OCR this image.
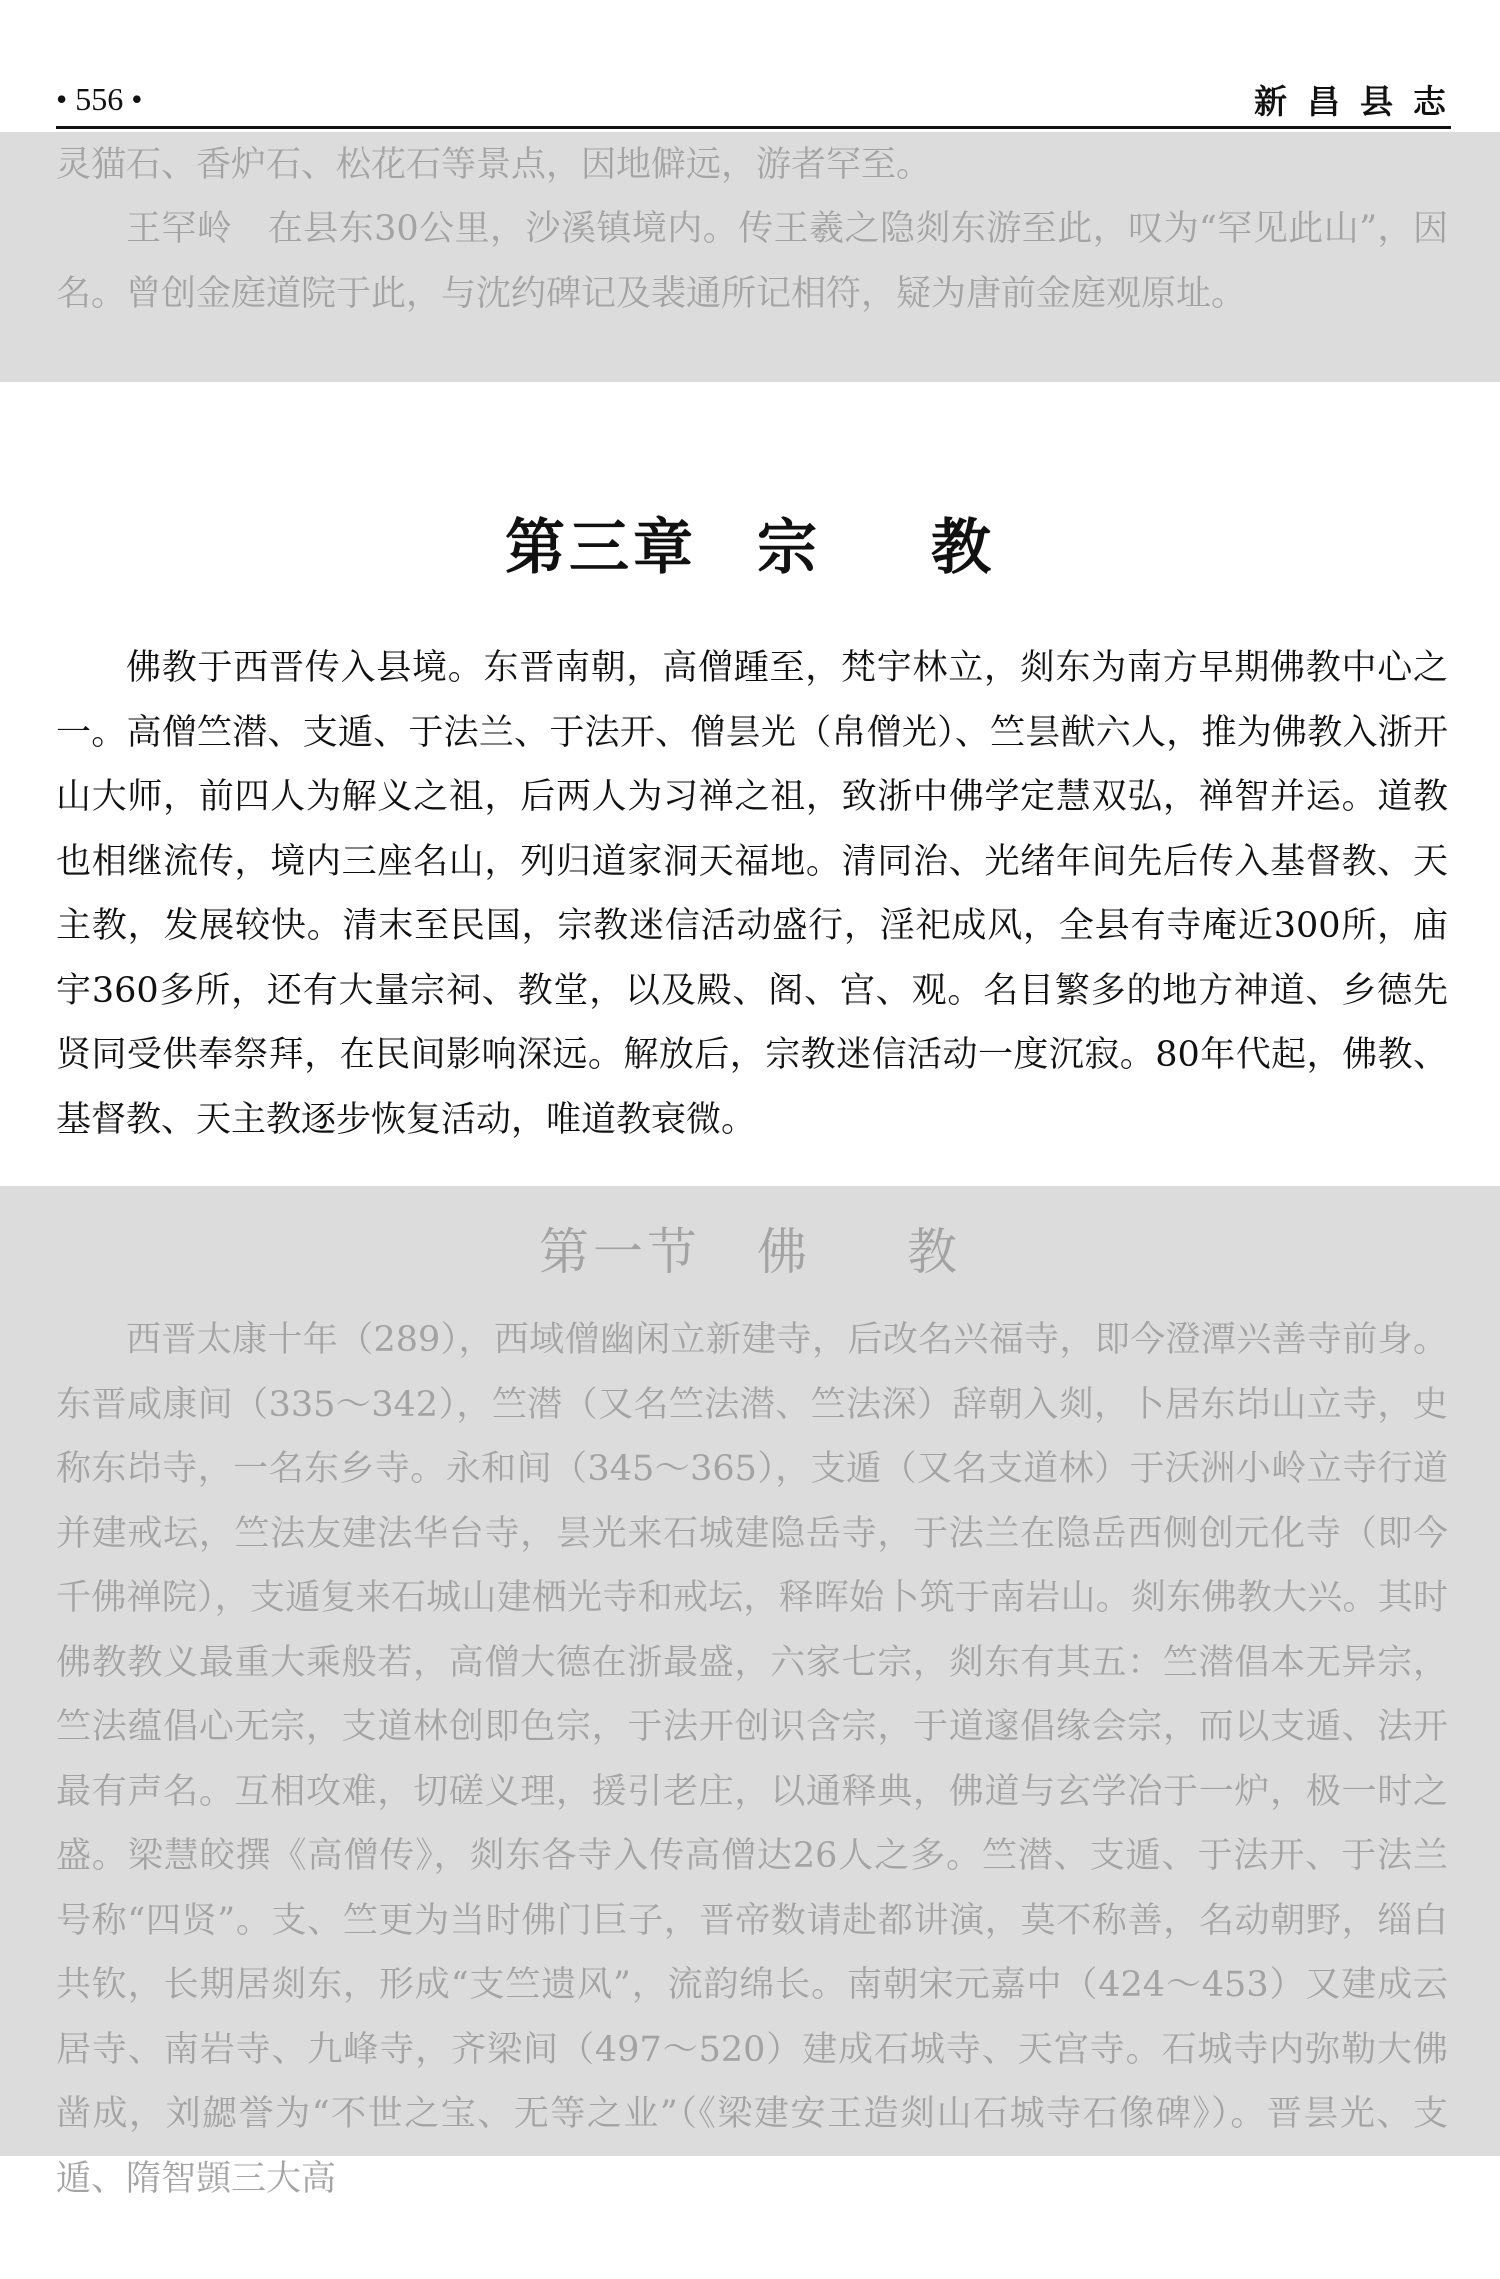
• 556 •	新昌县志

灵猫石、香炉石、松花石等景点，因地僻远，游者罕至。

王罕岭　在县东30公里，沙溪镇境内。传王羲之隐剡东游至此，叹为“罕见此山”，因名。曾创金庭道院于此，与沈约碑记及裴通所记相符，疑为唐前金庭观原址。

第三章 宗 教

佛教于西晋传入县境。东晋南朝，高僧踵至，梵宇林立，剡东为南方早期佛教中心之一。高僧竺潜、支遁、于法兰、于法开、僧昙光（帛僧光）、竺昙猷六人，推为佛教入浙开山大师，前四人为解义之祖，后两人为习禅之祖，致浙中佛学定慧双弘，禅智并运。道教也相继流传，境内三座名山，列归道家洞天福地。清同治、光绪年间先后传入基督教、天主教，发展较快。清末至民国，宗教迷信活动盛行，淫祀成风，全县有寺庵近300所，庙宇360多所，还有大量宗祠、教堂，以及殿、阁、宫、观。名目繁多的地方神道、乡德先贤同受供奉祭拜，在民间影响深远。解放后，宗教迷信活动一度沉寂。80年代起，佛教、基督教、天主教逐步恢复活动，唯道教衰微。

第一节 佛 教

西晋太康十年（289），西域僧幽闲立新建寺，后改名兴福寺，即今澄潭兴善寺前身。东晋咸康间（335～342），竺潜（又名竺法潜、竺法深）辞朝入剡，卜居东岇山立寺，史称东岇寺，一名东乡寺。永和间（345～365），支遁（又名支道林）于沃洲小岭立寺行道并建戒坛，竺法友建法华台寺，昙光来石城建隐岳寺，于法兰在隐岳西侧创元化寺（即今千佛禅院），支遁复来石城山建栖光寺和戒坛，释晖始卜筑于南岩山。剡东佛教大兴。其时佛教教义最重大乘般若，高僧大德在浙最盛，六家七宗，剡东有其五：竺潜倡本无异宗，竺法蕴倡心无宗，支道林创即色宗，于法开创识含宗，于道邃倡缘会宗，而以支遁、法开最有声名。互相攻难，切磋义理，援引老庄，以通释典，佛道与玄学冶于一炉，极一时之盛。梁慧皎撰《高僧传》，剡东各寺入传高僧达26人之多。竺潜、支遁、于法开、于法兰号称“四贤”。支、竺更为当时佛门巨子，晋帝数请赴都讲演，莫不称善，名动朝野，缁白共钦，长期居剡东，形成“支竺遗风”，流韵绵长。南朝宋元嘉中（424～453）又建成云居寺、南岩寺、九峰寺，齐梁间（497～520）建成石城寺、天宫寺。石城寺内弥勒大佛凿成，刘勰誉为“不世之宝、无等之业”（《梁建安王造剡山石城寺石像碑》）。晋昙光、支遁、隋智顗三大高
